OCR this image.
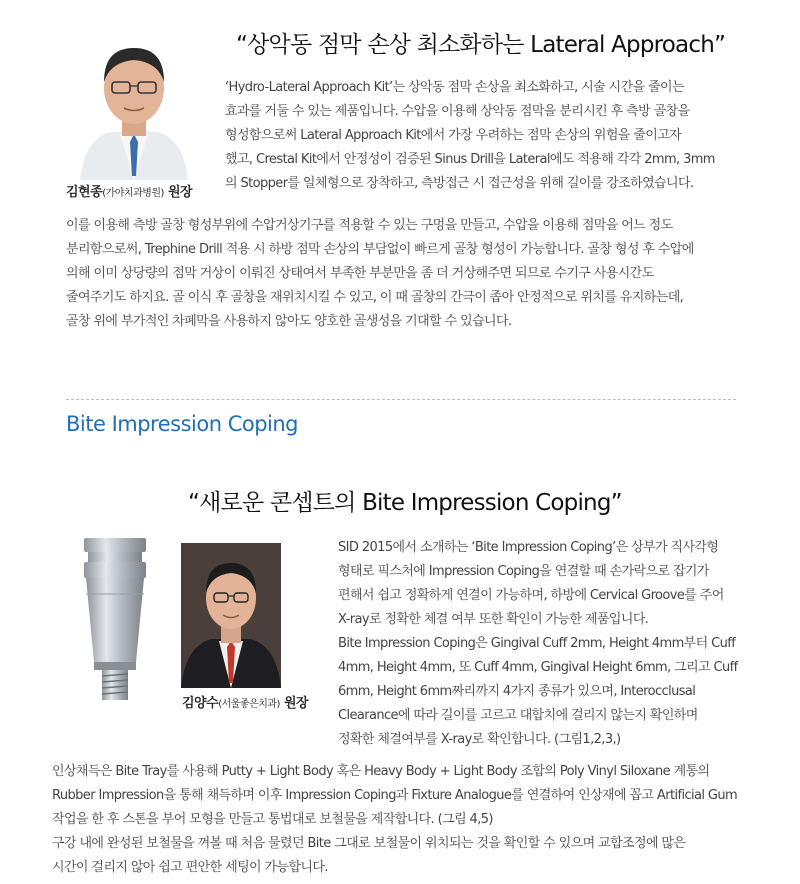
“상악동 점막 손상 최소화하는 Lateral Approach”
김현종(가야치과병원) 원장

‘Hydro-Lateral Approach Kit’는 상악동 점막 손상을 최소화하고, 시술 시간을 줄이는

효과를 거둘 수 있는 제품입니다. 수압을 이용해 상악동 점막을 분리시킨 후 측방 골창을

형성함으로써 Lateral Approach Kit에서 가장 우려하는 점막 손상의 위험을 줄이고자

했고, Crestal Kit에서 안정성이 검증된 Sinus Drill을 Lateral에도 적용해 각각 2mm, 3mm

의 Stopper를 일체형으로 장착하고, 측방접근 시 접근성을 위해 길이를 강조하였습니다.

이를 이용해 측방 골창 형성부위에 수압거상기구를 적용할 수 있는 구멍을 만들고, 수압을 이용해 점막을 어느 정도

분리함으로써, Trephine Drill 적용 시 하방 점막 손상의 부담없이 빠르게 골창 형성이 가능합니다. 골창 형성 후 수압에

의해 이미 상당량의 점막 거상이 이뤄진 상태여서 부족한 부분만을 좀 더 거상해주면 되므로 수기구 사용시간도

줄여주기도 하지요. 골 이식 후 골창을 재위치시킬 수 있고, 이 때 골창의 간극이 좁아 안정적으로 위치를 유지하는데,

골창 위에 부가적인 차폐막을 사용하지 않아도 양호한 골생성을 기대할 수 있습니다.

Bite Impression Coping
“새로운 콘셉트의 Bite Impression Coping”
김양수(서울좋은치과) 원장

SID 2015에서 소개하는 ‘Bite Impression Coping’은 상부가 직사각형

형태로 픽스처에 Impression Coping을 연결할 때 손가락으로 잡기가

편해서 쉽고 정확하게 연결이 가능하며, 하방에 Cervical Groove를 주어

X-ray로 정확한 체결 여부 또한 확인이 가능한 제품입니다.

Bite Impression Coping은 Gingival Cuff 2mm, Height 4mm부터 Cuff

4mm, Height 4mm, 또 Cuff 4mm, Gingival Height 6mm, 그리고 Cuff

6mm, Height 6mm짜리까지 4가지 종류가 있으며, Interocclusal

Clearance에 따라 길이를 고르고 대합치에 걸리지 않는지 확인하며

정확한 체결여부를 X-ray로 확인합니다. (그림1,2,3,)

인상채득은 Bite Tray를 사용해 Putty + Light Body 혹은 Heavy Body + Light Body 조합의 Poly Vinyl Siloxane 계통의

Rubber Impression을 통해 채득하며 이후 Impression Coping과 Fixture Analogue를 연결하여 인상재에 꼽고 Artificial Gum

작업을 한 후 스톤을 부어 모형을 만들고 통법대로 보철물을 제작합니다. (그림 4,5)

구강 내에 완성된 보철물을 껴볼 때 처음 물렸던 Bite 그대로 보철물이 위치되는 것을 확인할 수 있으며 교합조정에 많은

시간이 걸리지 않아 쉽고 편안한 세팅이 가능합니다.
